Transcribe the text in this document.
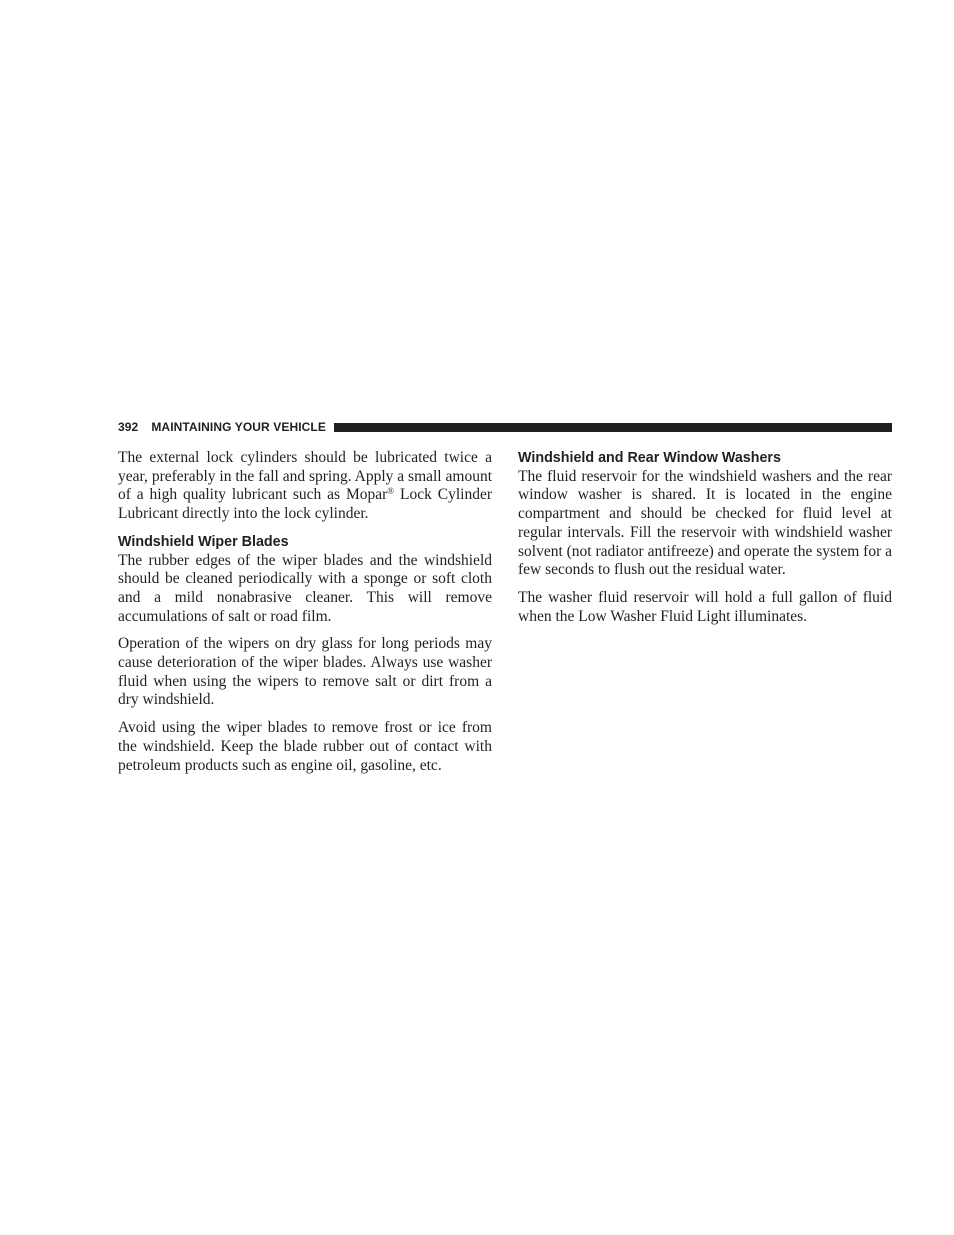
392 MAINTAINING YOUR VEHICLE

The external lock cylinders should be lubricated twice a year, preferably in the fall and spring. Apply a small amount of a high quality lubricant such as Mopar® Lock Cylinder Lubricant directly into the lock cylinder.

Windshield Wiper Blades

The rubber edges of the wiper blades and the windshield should be cleaned periodically with a sponge or soft cloth and a mild nonabrasive cleaner. This will remove accumulations of salt or road film.

Operation of the wipers on dry glass for long periods may cause deterioration of the wiper blades. Always use washer fluid when using the wipers to remove salt or dirt from a dry windshield.

Avoid using the wiper blades to remove frost or ice from the windshield. Keep the blade rubber out of contact with petroleum products such as engine oil, gasoline, etc.

Windshield and Rear Window Washers

The fluid reservoir for the windshield washers and the rear window washer is shared. It is located in the engine compartment and should be checked for fluid level at regular intervals. Fill the reservoir with windshield washer solvent (not radiator antifreeze) and operate the system for a few seconds to flush out the residual water.

The washer fluid reservoir will hold a full gallon of fluid when the Low Washer Fluid Light illuminates.
